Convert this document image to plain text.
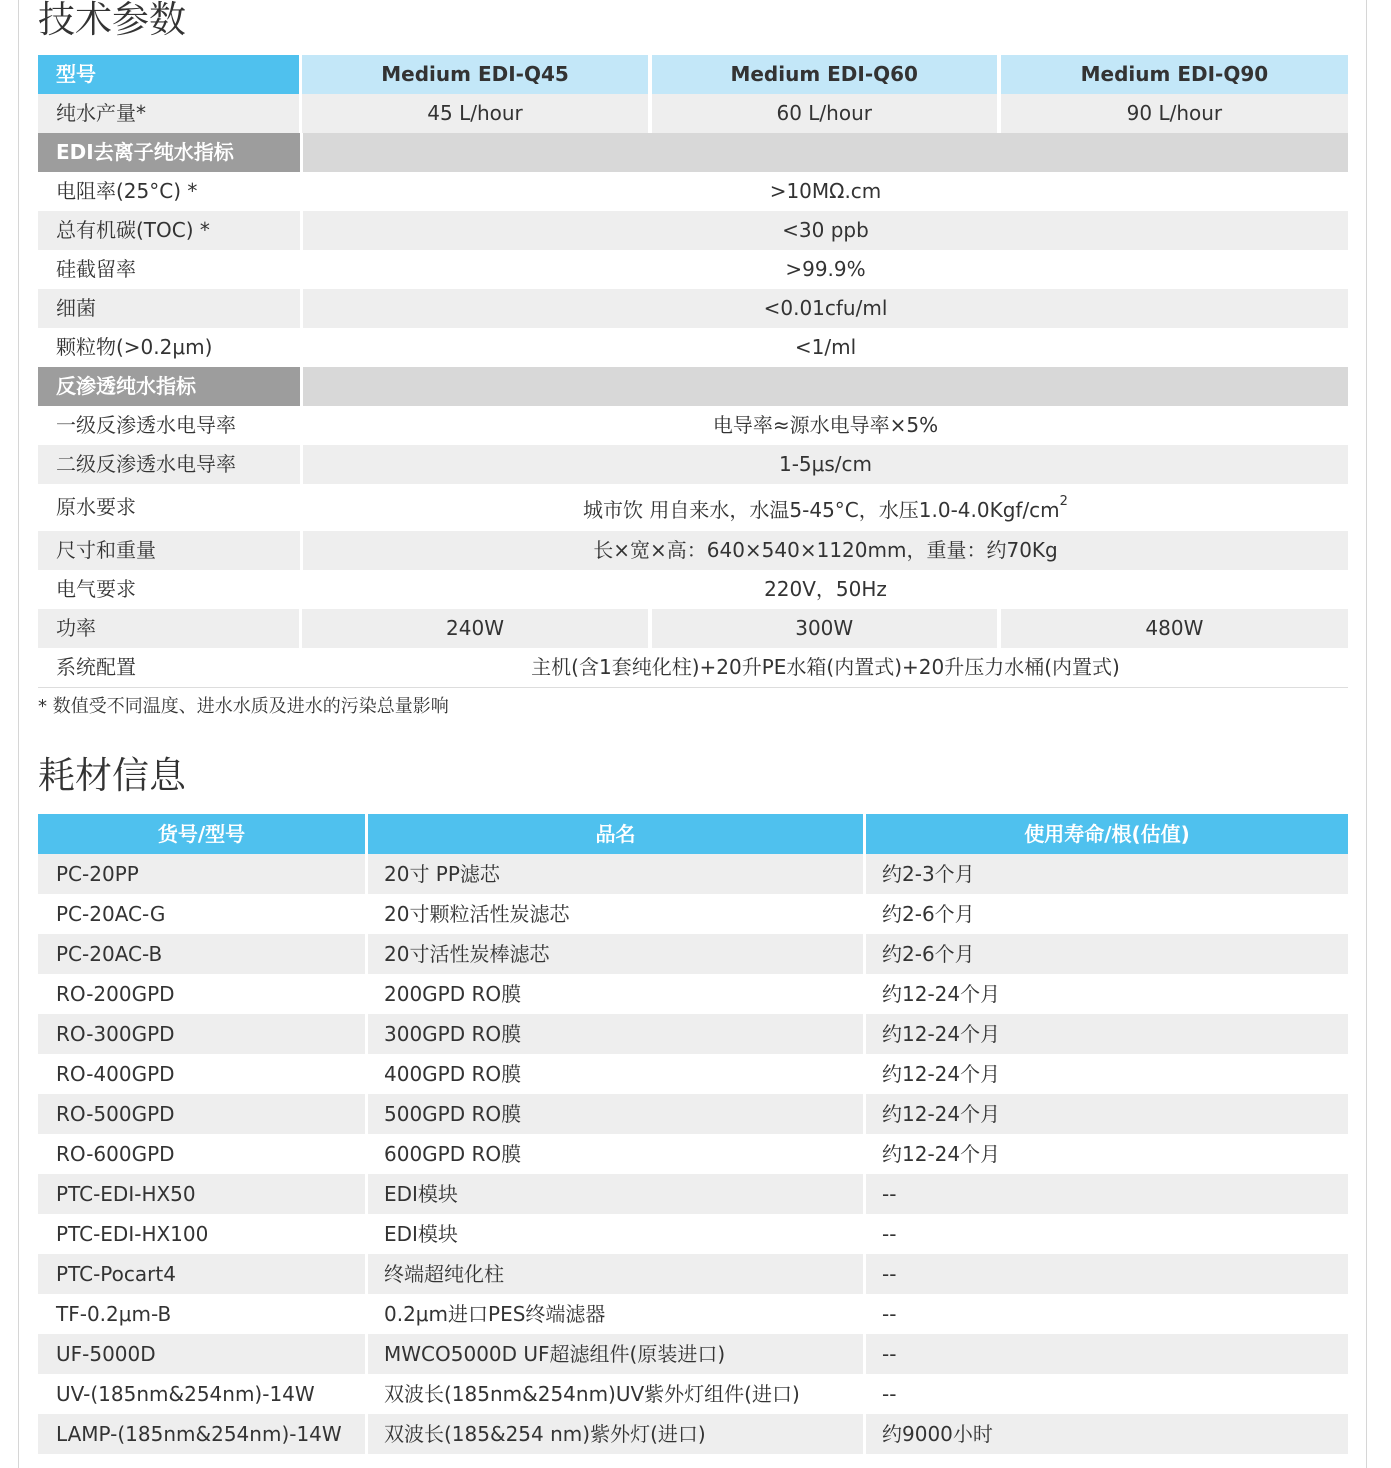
技术参数
型号	Medium EDI-Q45	Medium EDI-Q60	Medium EDI-Q90
纯水产量*	45 L/hour	60 L/hour	90 L/hour
EDI去离子纯水指标
电阻率(25°C) *	>10MΩ.cm
总有机碳(TOC) *	<30 ppb
硅截留率	>99.9%
细菌	<0.01cfu/ml
颗粒物(>0.2μm)	<1/ml
反渗透纯水指标
一级反渗透水电导率	电导率≈源水电导率×5%
二级反渗透水电导率	1-5μs/cm
原水要求	城市饮 用自来水，水温5-45°C，水压$1.0-4.0Kgf/cm^2$
尺寸和重量	长×宽×高：640×540×1120mm，重量：约70Kg
电气要求	220V，50Hz
功率	240W	300W	480W
系统配置	主机(含1套纯化柱)+20升PE水箱(内置式)+20升压力水桶(内置式)
* 数值受不同温度、进水水质及进水的污染总量影响
耗材信息
货号/型号	品名	使用寿命/根(估值)
PC-20PP	20寸 PP滤芯	约2-3个月
PC-20AC-G	20寸颗粒活性炭滤芯	约2-6个月
PC-20AC-B	20寸活性炭棒滤芯	约2-6个月
RO-200GPD	200GPD RO膜	约12-24个月
RO-300GPD	300GPD RO膜	约12-24个月
RO-400GPD	400GPD RO膜	约12-24个月
RO-500GPD	500GPD RO膜	约12-24个月
RO-600GPD	600GPD RO膜	约12-24个月
PTC-EDI-HX50	EDI模块	--
PTC-EDI-HX100	EDI模块	--
PTC-Pocart4	终端超纯化柱	--
TF-0.2μm-B	0.2μm进口PES终端滤器	--
UF-5000D	MWCO5000D UF超滤组件(原装进口)	--
UV-(185nm&254nm)-14W	双波长(185nm&254nm)UV紫外灯组件(进口)	--
LAMP-(185nm&254nm)-14W	双波长(185&254 nm)紫外灯(进口)	约9000小时
